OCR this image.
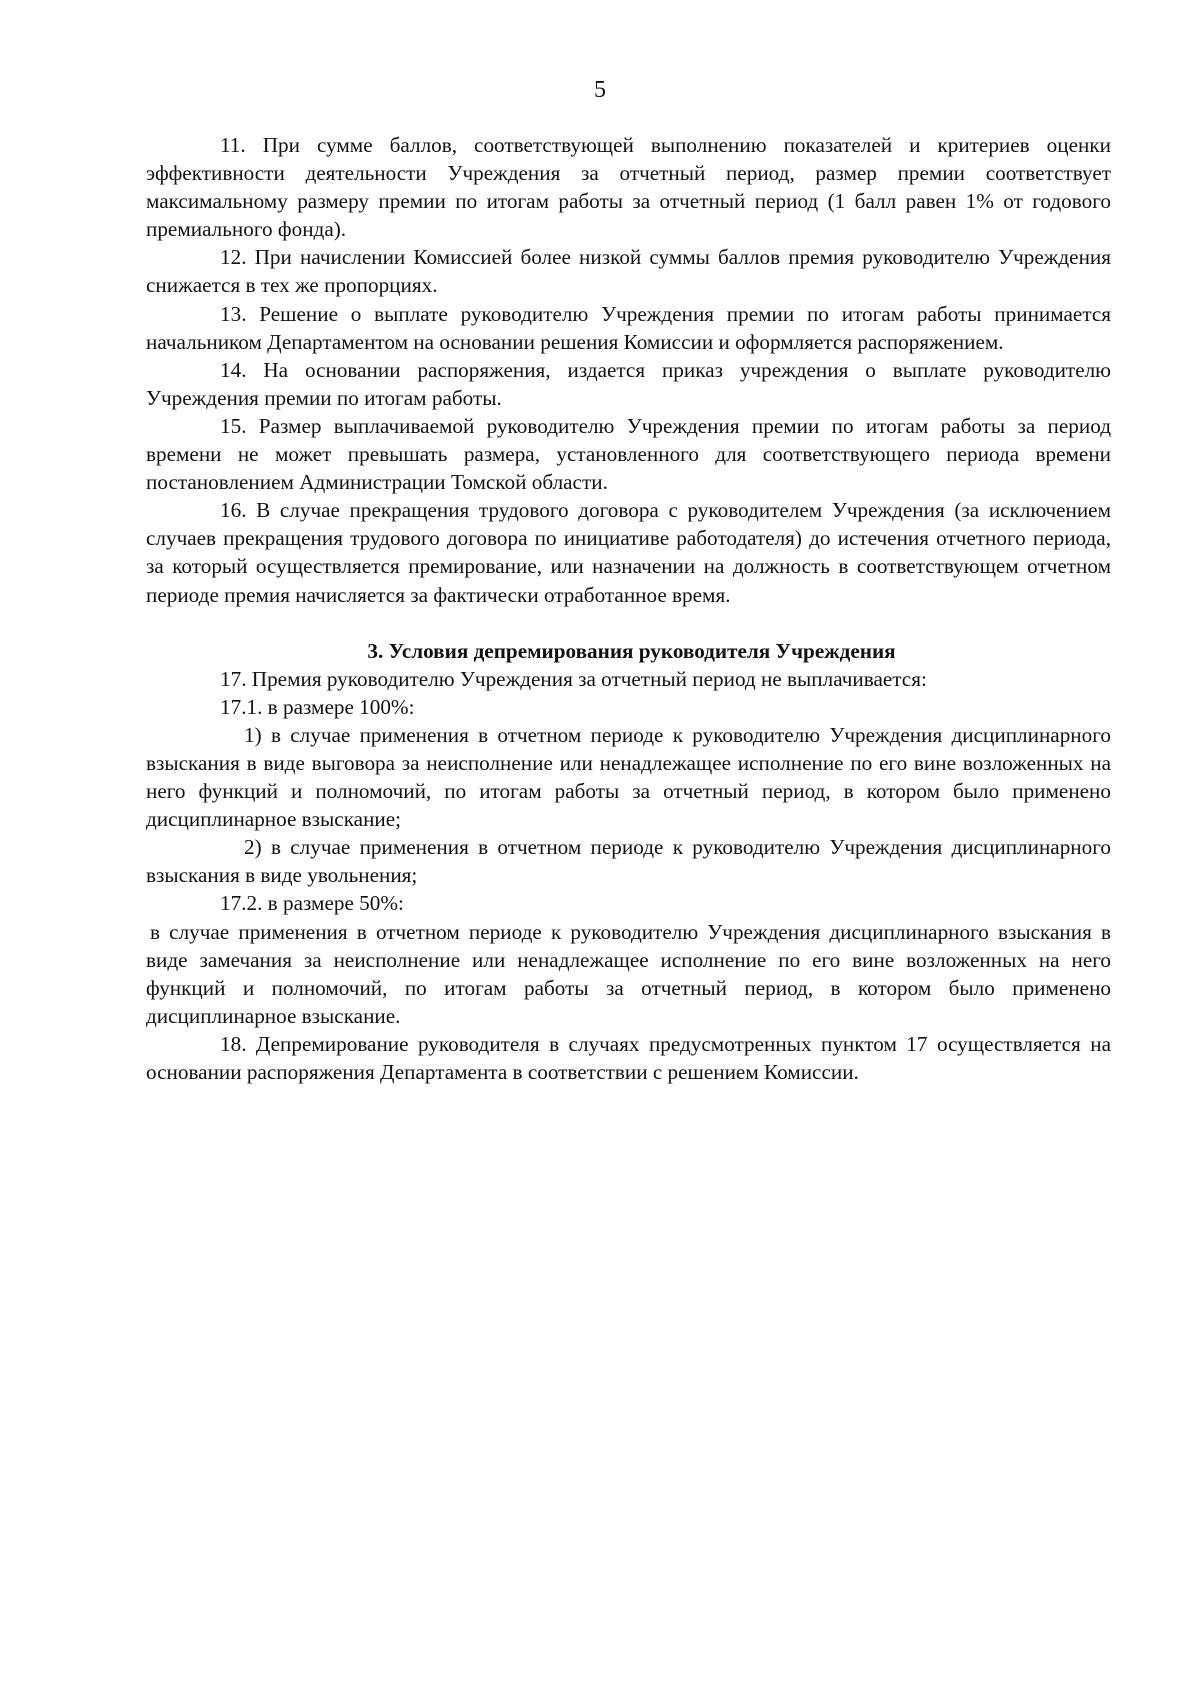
5

11. При сумме баллов, соответствующей выполнению показателей и критериев оценки эффективности деятельности Учреждения за отчетный период, размер премии соответствует максимальному размеру премии по итогам работы за отчетный период (1 балл равен 1% от годового премиального фонда).

12. При начислении Комиссией более низкой суммы баллов премия руководителю Учреждения снижается в тех же пропорциях.

13. Решение о выплате руководителю Учреждения премии по итогам работы принимается начальником Департаментом на основании решения Комиссии и оформляется распоряжением.

14. На основании распоряжения, издается приказ учреждения о выплате руководителю Учреждения премии по итогам работы.

15. Размер выплачиваемой руководителю Учреждения премии по итогам работы за период времени не может превышать размера, установленного для соответствующего периода времени постановлением Администрации Томской области.

16. В случае прекращения трудового договора с руководителем Учреждения (за исключением случаев прекращения трудового договора по инициативе работодателя) до истечения отчетного периода, за который осуществляется премирование, или назначении на должность в соответствующем отчетном периоде премия начисляется за фактически отработанное время.

3. Условия депремирования руководителя Учреждения

17. Премия руководителю Учреждения за отчетный период не выплачивается:

17.1. в размере 100%:

1) в случае применения в отчетном периоде к руководителю Учреждения дисциплинарного взыскания в виде выговора за неисполнение или ненадлежащее исполнение по его вине возложенных на него функций и полномочий, по итогам работы за отчетный период, в котором было применено дисциплинарное взыскание;

2) в случае применения в отчетном периоде к руководителю Учреждения дисциплинарного взыскания в виде увольнения;

17.2. в размере 50%:

в случае применения в отчетном периоде к руководителю Учреждения дисциплинарного взыскания в виде замечания за неисполнение или ненадлежащее исполнение по его вине возложенных на него функций и полномочий, по итогам работы за отчетный период, в котором было применено дисциплинарное взыскание.

18. Депремирование руководителя в случаях предусмотренных пунктом 17 осуществляется на основании распоряжения Департамента в соответствии с решением Комиссии.
